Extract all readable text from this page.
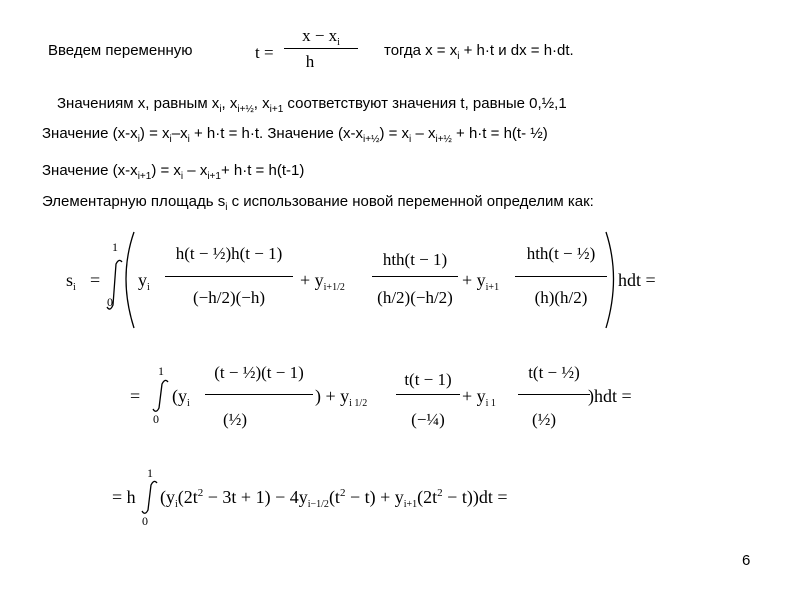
Введем переменную	t =
$x - x_i$
h
тогда $x = x_i + h\cdot t$ и dx = h·dt.
Значениям x, равным $x_i$, $x_{i+\frac{1}{2}}$, $x_{i+1}$ соответствуют значения t, равные 0,½,1
Значение $(x-x_i) = x_i-x_i + h\cdot t = h\cdot t$. Значение $(x-x_{i+\frac{1}{2}}) = x_i - x_{i+\frac{1}{2}} + h\cdot t = h(t-$ ½)
Значение $(x-x_{i+1}) = x_i - x_{i+1}+ h\cdot t = h(t-1)$
Элементарную площадь $s_i$ с использование новой переменной определим как:
$s_i$ =
1
0
$y_i$
h(t − ½)h(t − 1)
(−h/2)(−h)
+ $y_{i+1/2}$
hth(t − 1)
(h/2)(−h/2)
+ $y_{i+1}$
hth(t − ½)
(h)(h/2)
hdt =
=
1
0
($y_i$
(t − ½)(t − 1)
(½)
) + $y_{i 1/2}$
t(t − 1)
(−¼)
+ $y_{i 1}$
t(t − ½)
(½)
)hdt =
= h
1
0
$(y_i(2t^2 - 3t + 1) - 4y_{i-1/2}(t^2 - t) + y_{i+1}(2t^2 - t))dt$ =
6
